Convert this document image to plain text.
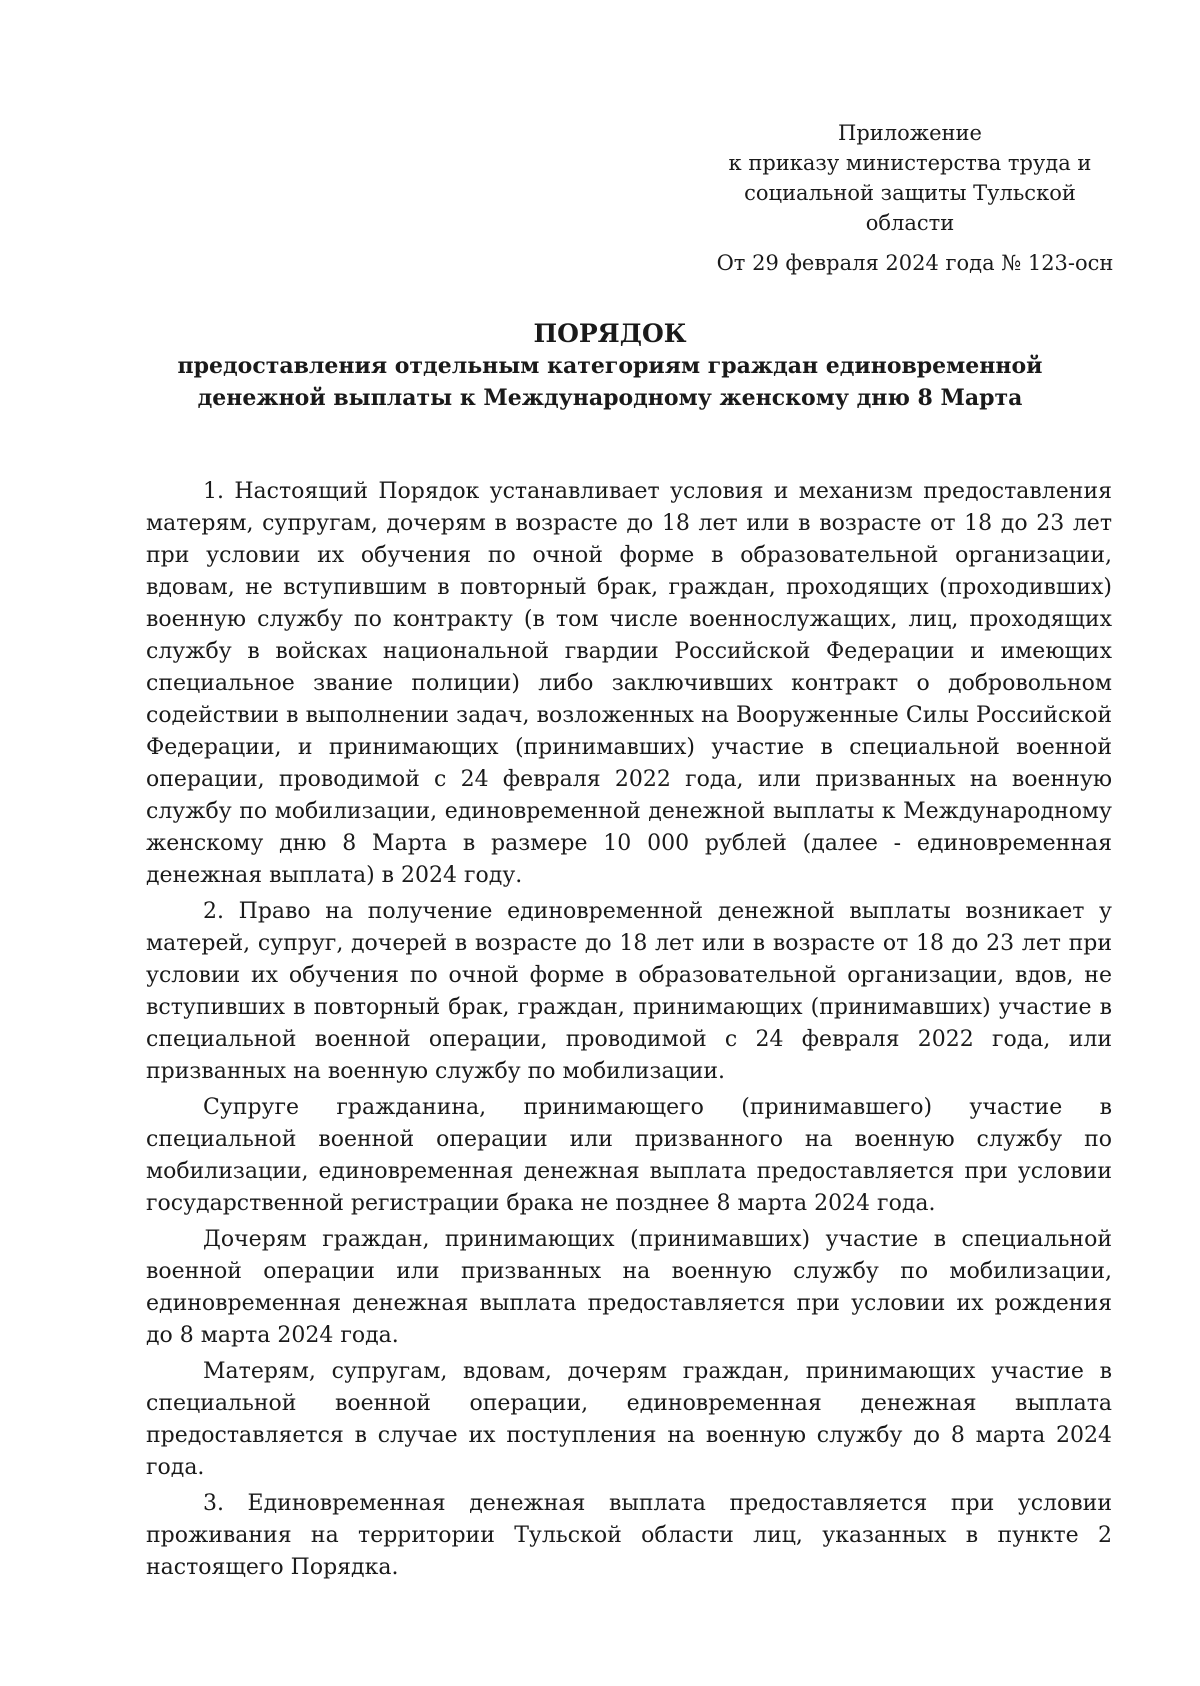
Приложение
к приказу министерства труда и
социальной защиты Тульской области
От 29 февраля 2024 года № 123-осн
ПОРЯДОК
предоставления отдельным категориям граждан единовременной
денежной выплаты к Международному женскому дню 8 Марта

1. Настоящий Порядок устанавливает условия и механизм предоставления матерям, супругам, дочерям в возрасте до 18 лет или в возрасте от 18 до 23 лет при условии их обучения по очной форме в образовательной организации, вдовам, не вступившим в повторный брак, граждан, проходящих (проходивших) военную службу по контракту (в том числе военнослужащих, лиц, проходящих службу в войсках национальной гвардии Российской Федерации и имеющих специальное звание полиции) либо заключивших контракт о добровольном содействии в выполнении задач, возложенных на Вооруженные Силы Российской Федерации, и принимающих (принимавших) участие в специальной военной операции, проводимой с 24 февраля 2022 года, или призванных на военную службу по мобилизации, единовременной денежной выплаты к Международному женскому дню 8 Марта в размере 10 000 рублей (далее - единовременная денежная выплата) в 2024 году.

2. Право на получение единовременной денежной выплаты возникает у матерей, супруг, дочерей в возрасте до 18 лет или в возрасте от 18 до 23 лет при условии их обучения по очной форме в образовательной организации, вдов, не вступивших в повторный брак, граждан, принимающих (принимавших) участие в специальной военной операции, проводимой с 24 февраля 2022 года, или призванных на военную службу по мобилизации.

Супруге гражданина, принимающего (принимавшего) участие в специальной военной операции или призванного на военную службу по мобилизации, единовременная денежная выплата предоставляется при условии государственной регистрации брака не позднее 8 марта 2024 года.

Дочерям граждан, принимающих (принимавших) участие в специальной военной операции или призванных на военную службу по мобилизации, единовременная денежная выплата предоставляется при условии их рождения до 8 марта 2024 года.

Матерям, супругам, вдовам, дочерям граждан, принимающих участие в специальной военной операции, единовременная денежная выплата предоставляется в случае их поступления на военную службу до 8 марта 2024 года.

3. Единовременная денежная выплата предоставляется при условии проживания на территории Тульской области лиц, указанных в пункте 2 настоящего Порядка.
